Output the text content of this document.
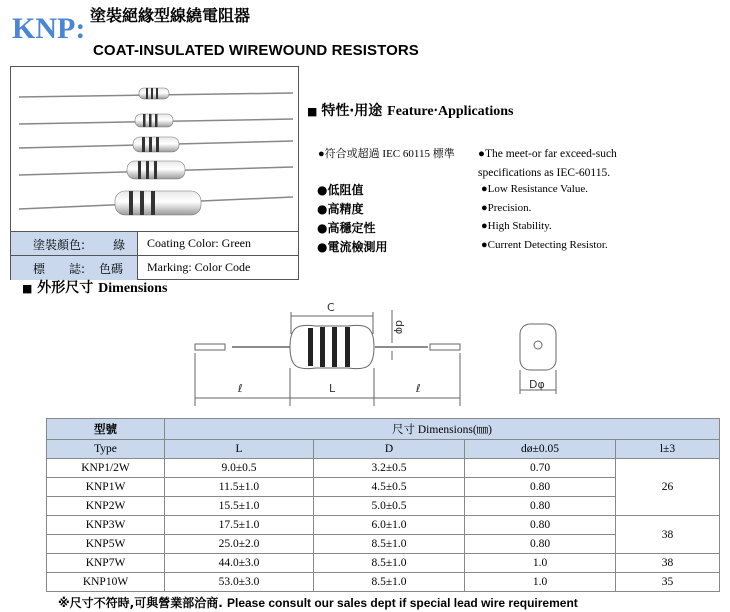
KNP: 塗裝絕緣型線繞電阻器
COAT-INSULATED WIREWOUND RESISTORS
塗裝顏色: 綠 Coating Color: Green
標　　誌: 色碼 Marking: Color Code
■ 特性‧用途 Feature‧Applications
●符合或超過 IEC 60115 標準 ●The meet-or far exceed-such specifications as IEC-60115.
●低阻值	●Low Resistance Value.
●高精度	●Precision.
●高穩定性	●High Stability.
●電流檢測用	●Current Detecting Resistor.
■ 外形尺寸 Dimensions
C
dφ
ℓ	L	ℓ	Dφ
型號	尺寸 Dimensions(㎜)			
Type	L	D	dø±0.05	l±3
KNP1/2W	9.0±0.5	3.2±0.5	0.70	26
KNP1W	11.5±1.0	4.5±0.5	0.80	
KNP2W	15.5±1.0	5.0±0.5	0.80	
KNP3W	17.5±1.0	6.0±1.0	0.80	38
KNP5W	25.0±2.0	8.5±1.0	0.80	
KNP7W	44.0±3.0	8.5±1.0	1.0	38
KNP10W	53.0±3.0	8.5±1.0	1.0	35
※尺寸不符時,可與營業部洽商. Please consult our sales dept if special lead wire requirement
